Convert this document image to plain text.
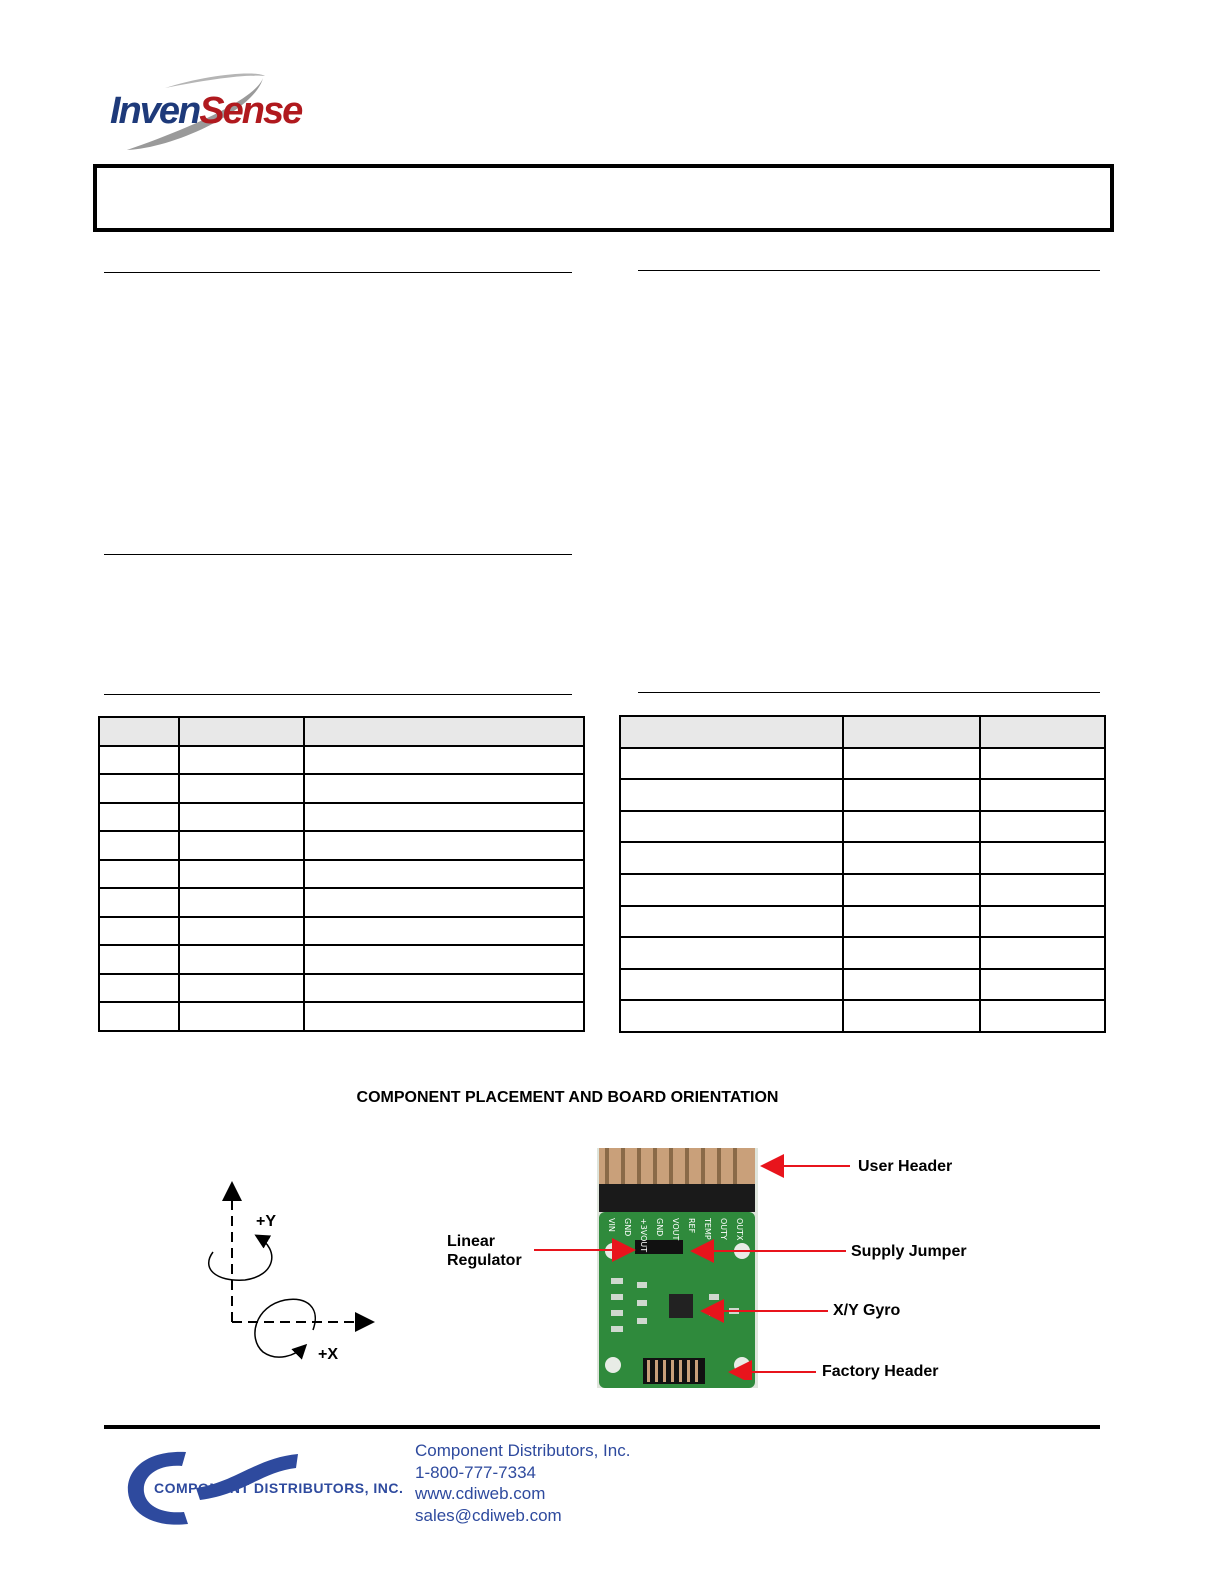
InvenSense

COMPONENT PLACEMENT AND BOARD ORIENTATION
+Y
+X
VIN GND +3VOUT GND VOUT REF TEMP OUTY OUTX
User Header
Linear
Regulator
Supply Jumper
X/Y Gyro
Factory Header
COMPONENT DISTRIBUTORS, INC.
Component Distributors, Inc.
1-800-777-7334
www.cdiweb.com
sales@cdiweb.com
